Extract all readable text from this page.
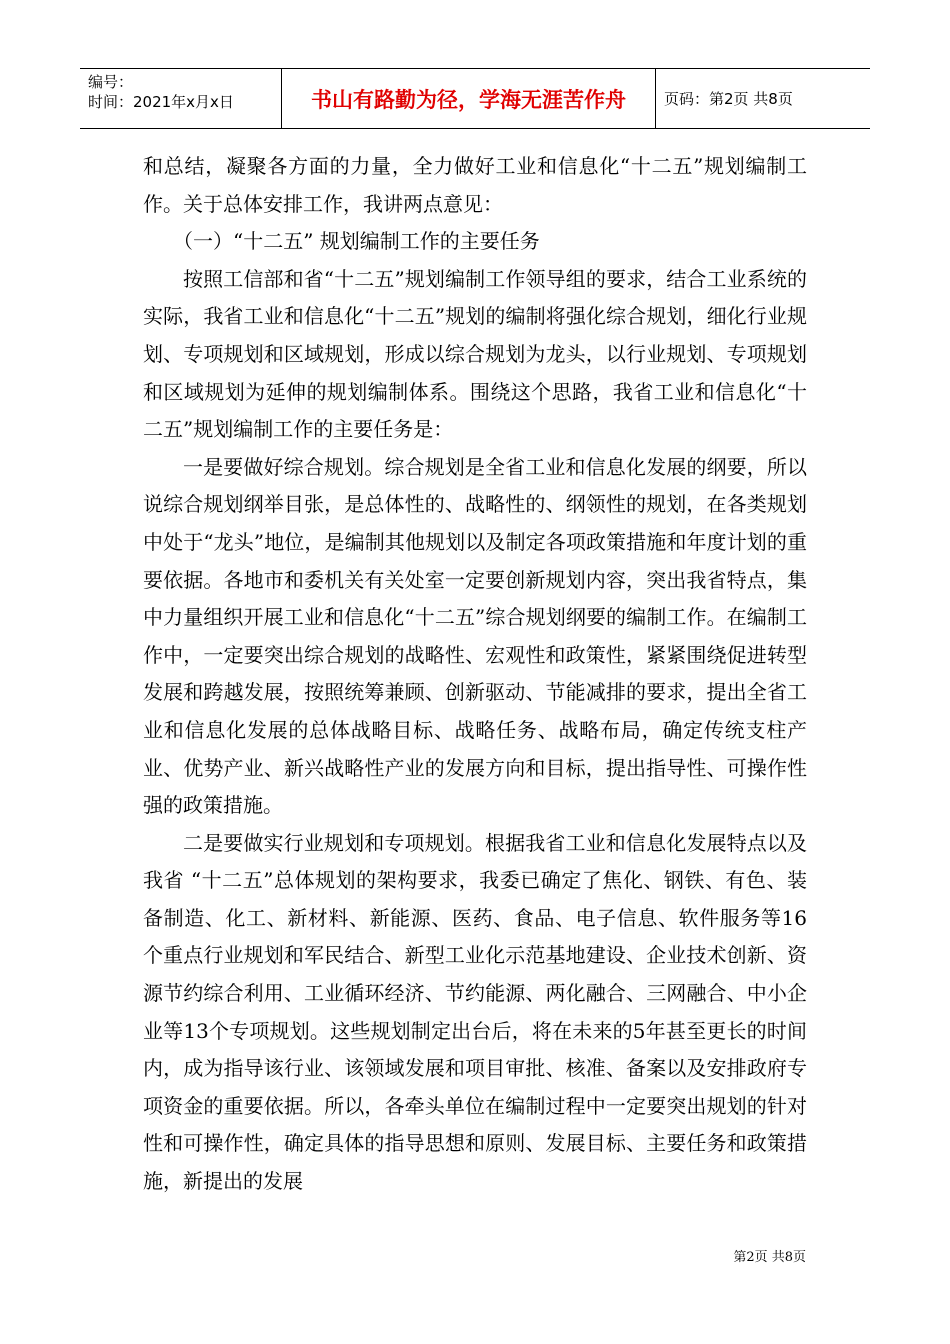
编号：
时间：2021年x月x日	书山有路勤为径，学海无涯苦作舟	页码：第2页 共8页

和总结，凝聚各方面的力量，全力做好工业和信息化“十二五”规划编制工作。关于总体安排工作，我讲两点意见：

（一）“十二五” 规划编制工作的主要任务

按照工信部和省“十二五”规划编制工作领导组的要求，结合工业系统的实际，我省工业和信息化“十二五”规划的编制将强化综合规划，细化行业规划、专项规划和区域规划，形成以综合规划为龙头，以行业规划、专项规划和区域规划为延伸的规划编制体系。围绕这个思路，我省工业和信息化“十二五”规划编制工作的主要任务是：

一是要做好综合规划。综合规划是全省工业和信息化发展的纲要，所以说综合规划纲举目张，是总体性的、战略性的、纲领性的规划，在各类规划中处于“龙头”地位，是编制其他规划以及制定各项政策措施和年度计划的重要依据。各地市和委机关有关处室一定要创新规划内容，突出我省特点，集中力量组织开展工业和信息化“十二五”综合规划纲要的编制工作。在编制工作中，一定要突出综合规划的战略性、宏观性和政策性，紧紧围绕促进转型发展和跨越发展，按照统筹兼顾、创新驱动、节能减排的要求，提出全省工业和信息化发展的总体战略目标、战略任务、战略布局，确定传统支柱产业、优势产业、新兴战略性产业的发展方向和目标，提出指导性、可操作性强的政策措施。

二是要做实行业规划和专项规划。根据我省工业和信息化发展特点以及我省 “十二五”总体规划的架构要求，我委已确定了焦化、钢铁、有色、装备制造、化工、新材料、新能源、医药、食品、电子信息、软件服务等16个重点行业规划和军民结合、新型工业化示范基地建设、企业技术创新、资源节约综合利用、工业循环经济、节约能源、两化融合、三网融合、中小企业等13个专项规划。这些规划制定出台后，将在未来的5年甚至更长的时间内，成为指导该行业、该领域发展和项目审批、核准、备案以及安排政府专项资金的重要依据。所以，各牵头单位在编制过程中一定要突出规划的针对性和可操作性，确定具体的指导思想和原则、发展目标、主要任务和政策措施，新提出的发展

第2页 共8页
